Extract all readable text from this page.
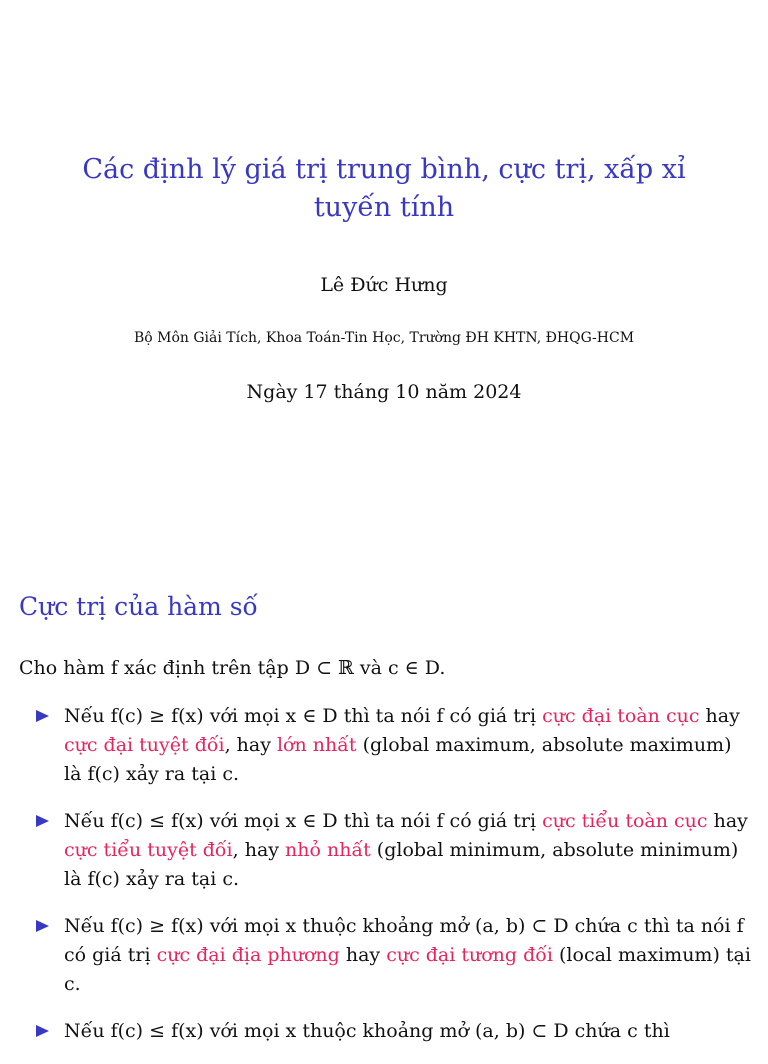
Các định lý giá trị trung bình, cực trị, xấp xỉ tuyến tính
Lê Đức Hưng
Bộ Môn Giải Tích, Khoa Toán-Tin Học, Trường ĐH KHTN, ĐHQG-HCM
Ngày 17 tháng 10 năm 2024
Cực trị của hàm số
Cho hàm f xác định trên tập D ⊂ ℝ và c ∈ D.
Nếu f(c) ≥ f(x) với mọi x ∈ D thì ta nói f có giá trị cực đại toàn cục hay cực đại tuyệt đối, hay lớn nhất (global maximum, absolute maximum) là f(c) xảy ra tại c.
Nếu f(c) ≤ f(x) với mọi x ∈ D thì ta nói f có giá trị cực tiểu toàn cục hay cực tiểu tuyệt đối, hay nhỏ nhất (global minimum, absolute minimum) là f(c) xảy ra tại c.
Nếu f(c) ≥ f(x) với mọi x thuộc khoảng mở (a, b) ⊂ D chứa c thì ta nói f có giá trị cực đại địa phương hay cực đại tương đối (local maximum) tại c.
Nếu f(c) ≤ f(x) với mọi x thuộc khoảng mở (a, b) ⊂ D chứa c thì
